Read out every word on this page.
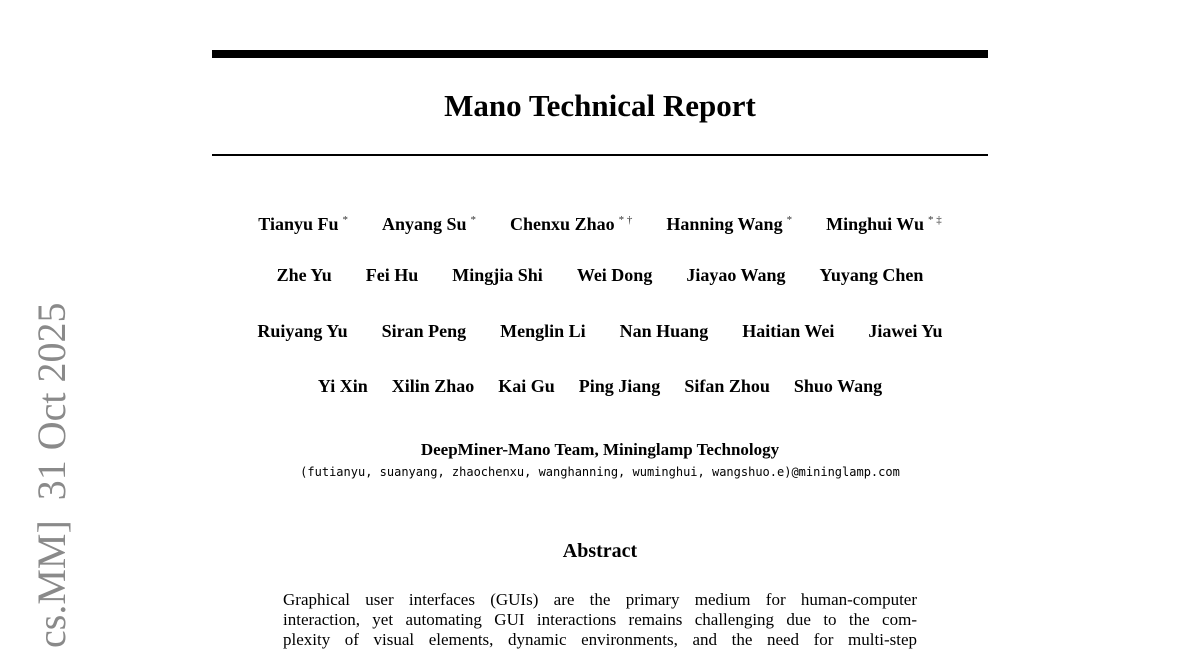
Mano Technical Report
Tianyu Fu * Anyang Su * Chenxu Zhao * † Hanning Wang * Minghui Wu * ‡
Zhe Yu Fei Hu Mingjia Shi Wei Dong Jiayao Wang Yuyang Chen
Ruiyang Yu Siran Peng Menglin Li Nan Huang Haitian Wei Jiawei Yu
Yi Xin Xilin Zhao Kai Gu Ping Jiang Sifan Zhou Shuo Wang
DeepMiner-Mano Team, Mininglamp Technology
(futianyu, suanyang, zhaochenxu, wanghanning, wuminghui, wangshuo.e)@mininglamp.com
Abstract
Graphical user interfaces (GUIs) are the primary medium for human-computer
interaction, yet automating GUI interactions remains challenging due to the com-
plexity of visual elements, dynamic environments, and the need for multi-step
cs.MM]  31 Oct 2025
